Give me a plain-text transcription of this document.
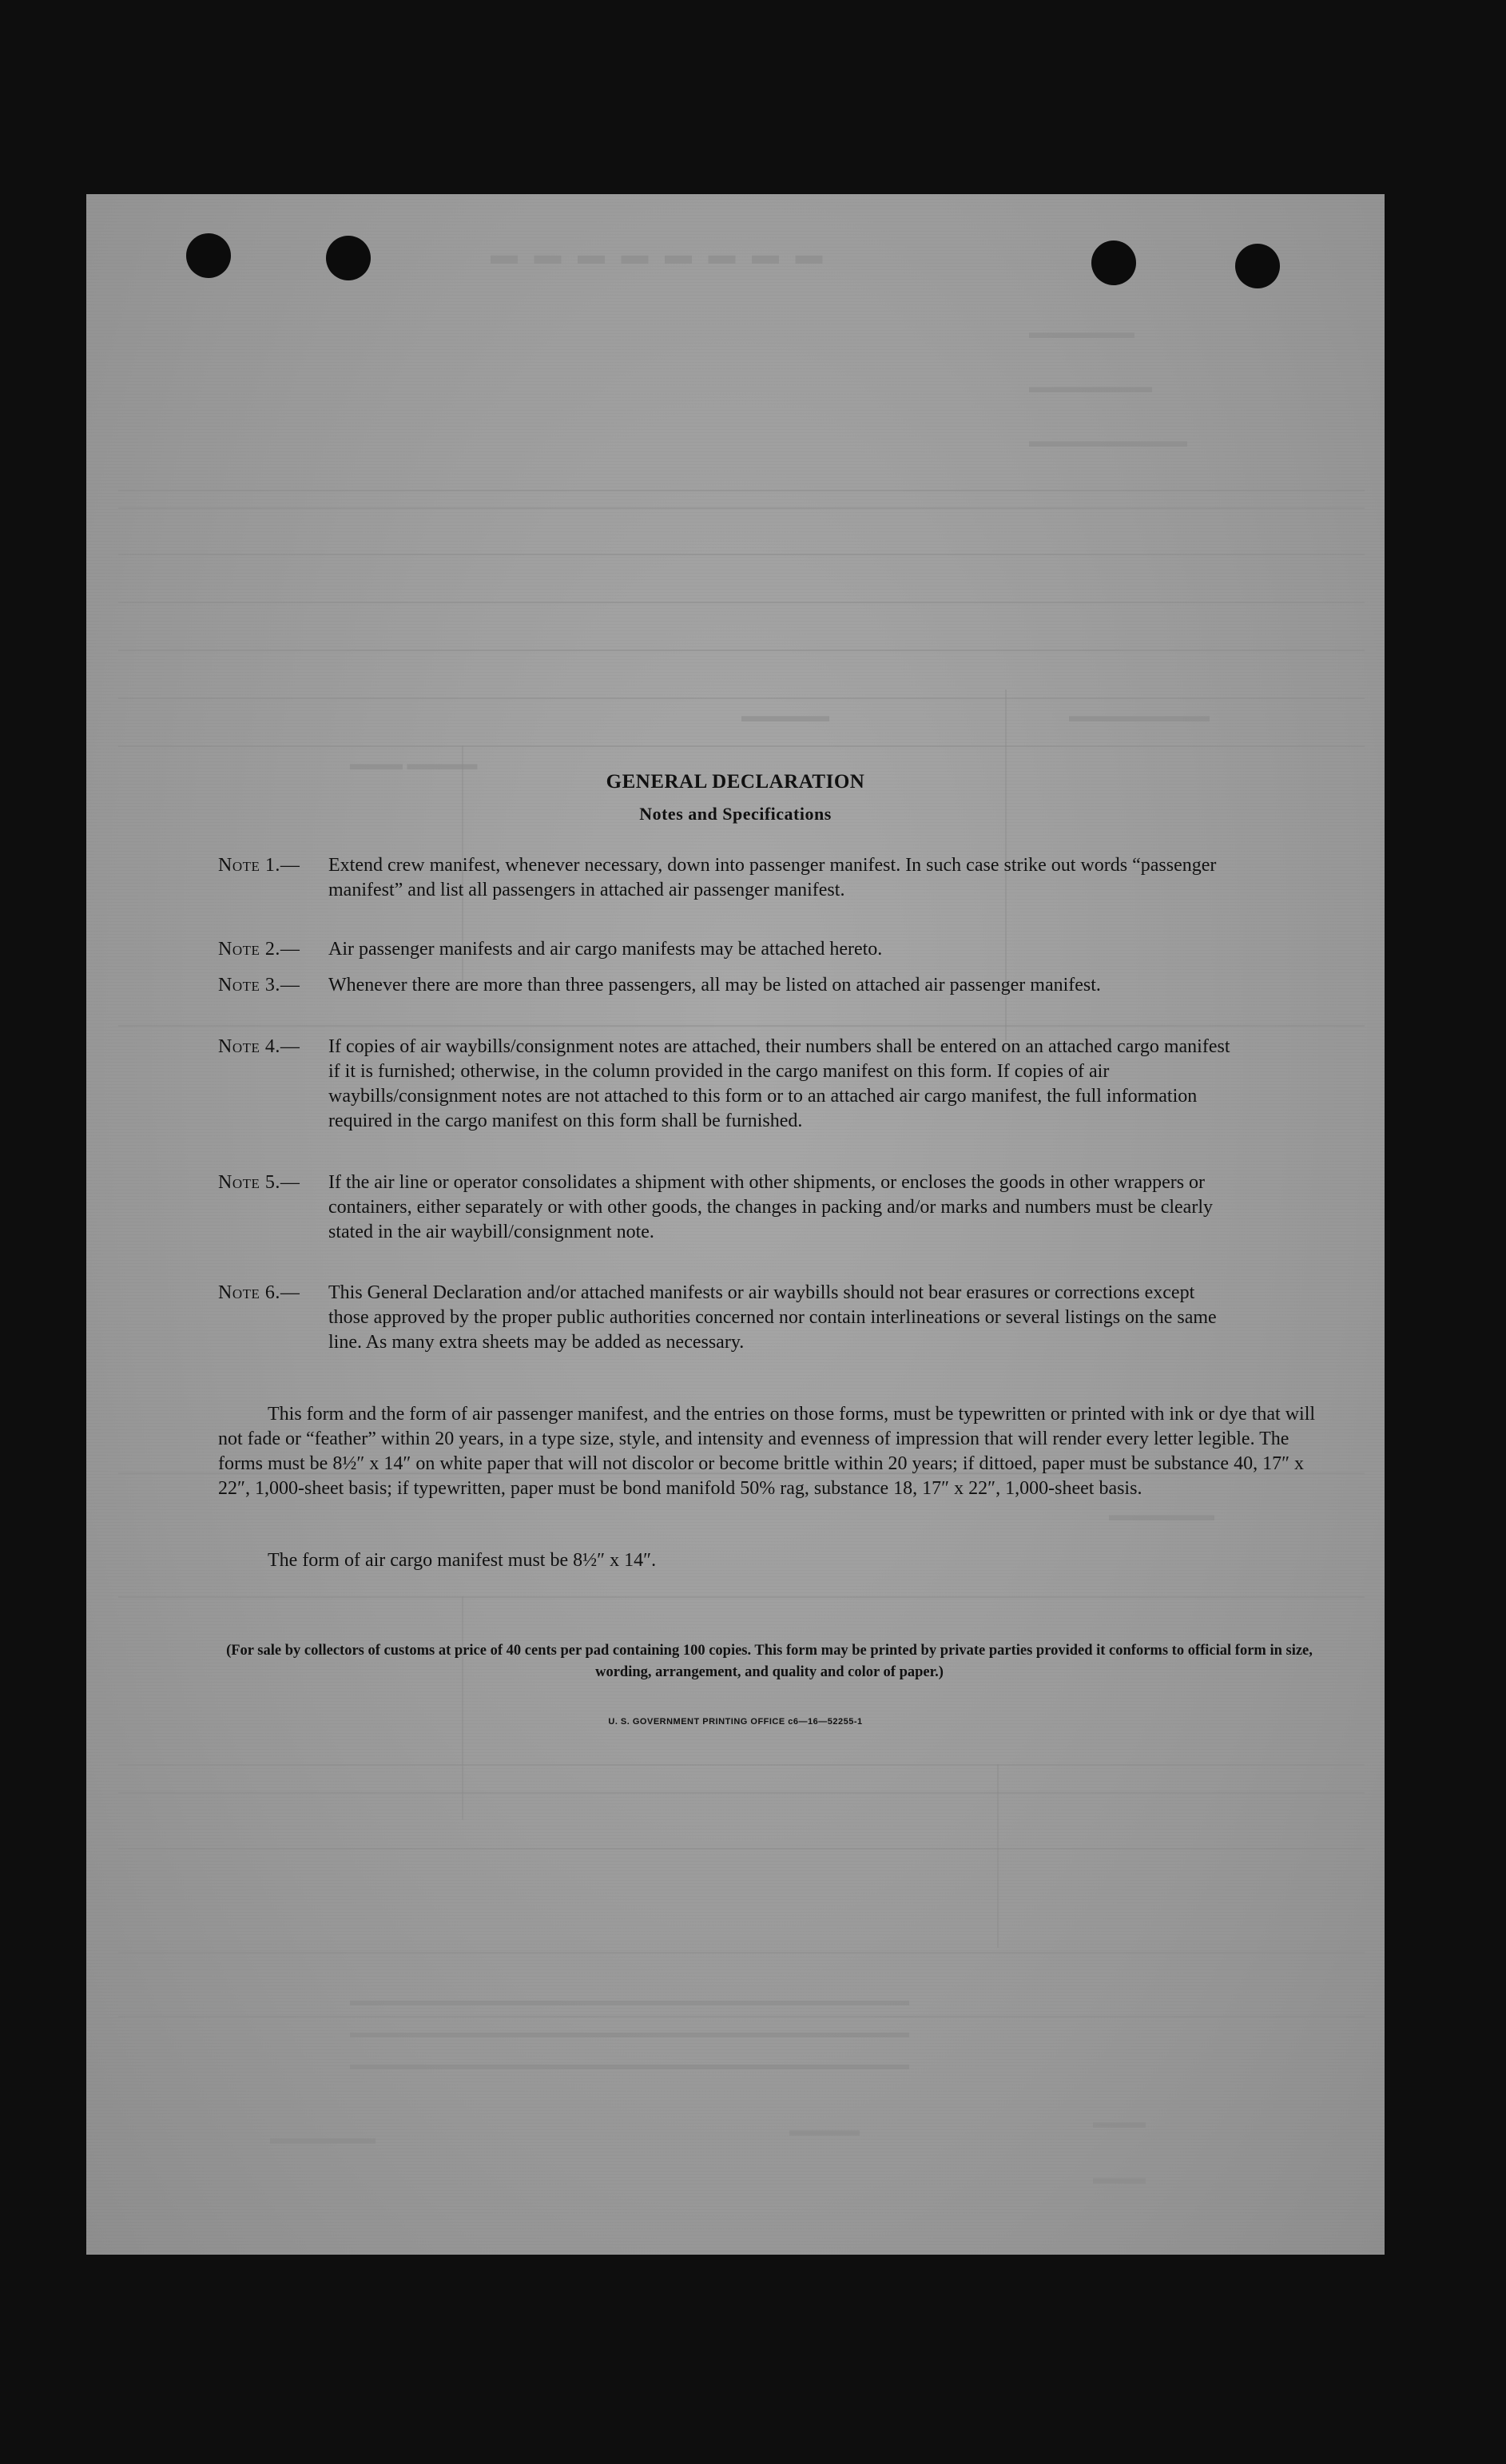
▬ ▬ ▬ ▬ ▬ ▬ ▬ ▬
▬▬▬▬▬▬
▬▬▬▬▬▬▬
▬▬▬▬▬▬▬▬▬
▬▬▬▬▬▬▬▬
▬▬▬▬▬
▬▬▬▬ ▬▬▬
▬▬▬▬▬▬
▬▬▬▬▬▬▬▬▬▬▬▬▬▬▬▬▬▬▬▬▬▬▬▬▬▬▬▬▬▬▬▬▬▬▬
▬▬▬▬▬▬▬▬▬▬▬▬▬▬▬▬▬▬▬▬▬▬▬▬▬▬▬▬▬▬▬▬▬▬▬
▬▬▬▬▬▬▬▬▬▬▬▬▬▬▬▬▬▬▬▬▬▬▬▬▬▬▬▬▬▬▬▬▬▬▬
▬▬▬
▬▬▬▬
▬▬▬▬▬▬
▬▬▬
GENERAL DECLARATION
Notes and Specifications
Note 1.—	Extend crew manifest, whenever necessary, down into passenger manifest. In such case strike out words “passenger manifest” and list all passengers in attached air passenger manifest.
Note 2.—	Air passenger manifests and air cargo manifests may be attached hereto.
Note 3.—	Whenever there are more than three passengers, all may be listed on attached air passenger manifest.
Note 4.—	If copies of air waybills/consignment notes are attached, their numbers shall be entered on an attached cargo manifest if it is furnished; otherwise, in the column provided in the cargo manifest on this form. If copies of air waybills/consignment notes are not attached to this form or to an attached air cargo manifest, the full information required in the cargo manifest on this form shall be furnished.
Note 5.—	If the air line or operator consolidates a shipment with other shipments, or encloses the goods in other wrappers or containers, either separately or with other goods, the changes in packing and/or marks and numbers must be clearly stated in the air waybill/consignment note.
Note 6.—	This General Declaration and/or attached manifests or air waybills should not bear erasures or corrections except those approved by the proper public authorities concerned nor contain interlineations or several listings on the same line. As many extra sheets may be added as necessary.
This form and the form of air passenger manifest, and the entries on those forms, must be typewritten or printed with ink or dye that will not fade or “feather” within 20 years, in a type size, style, and intensity and evenness of impression that will render every letter legible. The forms must be 8½″ x 14″ on white paper that will not discolor or become brittle within 20 years; if dittoed, paper must be substance 40, 17″ x 22″, 1,000-sheet basis; if typewritten, paper must be bond manifold 50% rag, substance 18, 17″ x 22″, 1,000-sheet basis.
The form of air cargo manifest must be 8½″ x 14″.
(For sale by collectors of customs at price of 40 cents per pad containing 100 copies. This form may be printed by private parties provided it conforms to official form in size, wording, arrangement, and quality and color of paper.)
U. S. GOVERNMENT PRINTING OFFICE c6—16—52255-1
